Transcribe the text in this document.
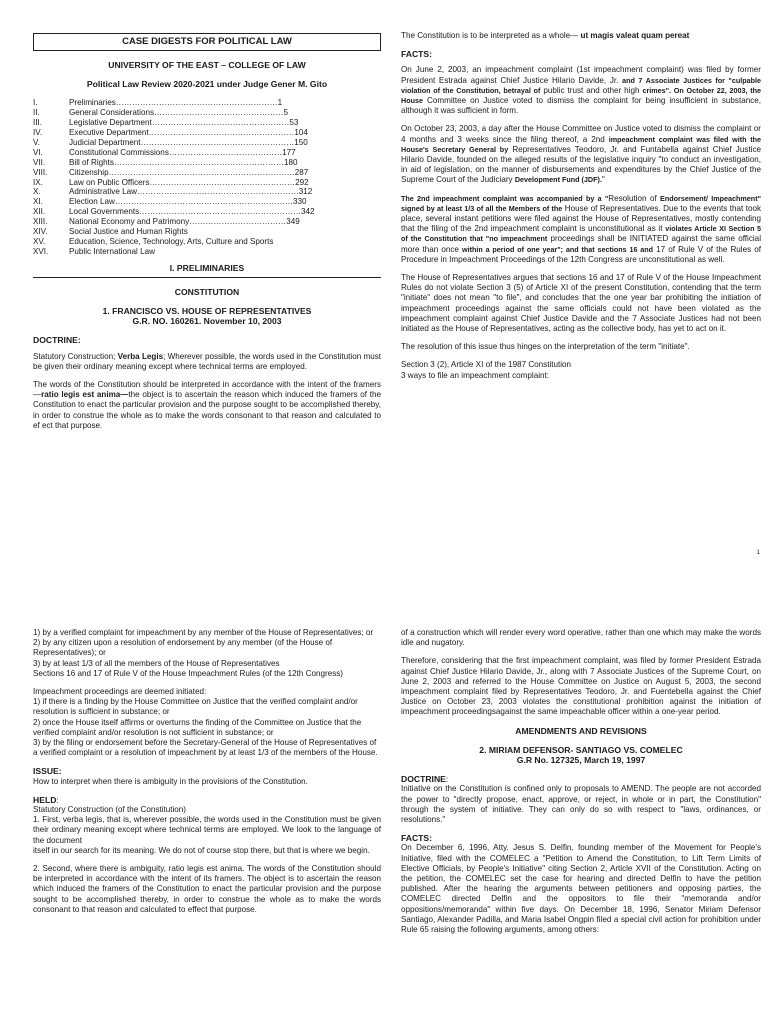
CASE DIGESTS FOR POLITICAL LAW
UNIVERSITY OF THE EAST – COLLEGE OF LAW
Political Law Review 2020-2021 under Judge Gener M. Gito
I.	Preliminaries……………………………………………………1
II.	General Considerations…………………………………………5
III.	Legislative Department……………………………………………53
IV.	Executive Department………………………………………………104
V.	Judicial Department…………………………………………………150
VI.	Constitutional Commissions……………………………………177
VII.	Bill of Rights………………………………………………………180
VIII.	Citizenship……………………………………………………………287
IX.	Law on Public Officers………………………………………………292
X.	Administrative Law……………………………………………………312
XI.	Election Law…………………………………………………………330
XII.	Local Governments……………………………………………………342
XIII.	National Economy and Patrimony………………………………349
XIV.	Social Justice and Human Rights
XV.	Education, Science, Technology, Arts, Culture and Sports
XVI.	Public International Law
I. PRELIMINARIES
CONSTITUTION
1. FRANCISCO VS. HOUSE OF REPRESENTATIVES
G.R. NO. 160261. November 10, 2003
DOCTRINE:

Statutory Construction; Verba Legis; Wherever possible, the words used in the Constitution must be given their ordinary meaning except where technical terms are employed.

The words of the Constitution should be interpreted in accordance with the intent of the framers—ratio legis est anima—the object is to ascertain the reason which induced the framers of the Constitution to enact the particular provision and the purpose sought to be accomplished thereby, in order to construe the whole as to make the words consonant to that reason and calculated to ef ect that purpose.

The Constitution is to be interpreted as a whole— ut magis valeat quam pereat

FACTS:

On June 2, 2003, an impeachment complaint (1st impeachment complaint) was filed by former President Estrada against Chief Justice Hilario Davide, Jr. and 7 Associate Justices for "culpable violation of the Constitution, betrayal of public trust and other high crimes". On October 22, 2003, the House Committee on Justice voted to dismiss the complaint for being insufficient in substance, although it was sufficient in form.

On October 23, 2003, a day after the House Committee on Justice voted to dismiss the complaint or 4 months and 3 weeks since the filing thereof, a 2nd impeachment complaint was filed with the House's Secretary General by Representatives Teodoro, Jr. and Funtabella against Chief Justice Hilario Davide, founded on the alleged results of the legislative inquiry "to conduct an investigation, in aid of legislation, on the manner of disbursements and expenditures by the Chief Justice of the Supreme Court of the Judiciary Development Fund (JDF)."

The 2nd impeachment complaint was accompanied by a "Resolution of Endorsement/ Impeachment" signed by at least 1/3 of all the Members of the House of Representatives. Due to the events that took place, several instant petitions were filed against the House of Representatives, mostly contending that the filing of the 2nd impeachment complaint is unconstitutional as it violates Article XI Section 5 of the Constitution that "no impeachment proceedings shall be INITIATED against the same official more than once within a period of one year"; and that sections 16 and 17 of Rule V of the Rules of Procedure in Impeachment Proceedings of the 12th Congress are unconstitutional as well.

The House of Representatives argues that sections 16 and 17 of Rule V of the House Impeachment Rules do not violate Section 3 (5) of Article XI of the present Constitution, contending that the term "initiate" does not mean "to file", and concludes that the one year bar prohibiting the initiation of impeachment proceedings against the same officials could not have been violated as the impeachment complaint against Chief Justice Davide and the 7 Associate Justices had not been initiated as the House of Representatives, acting as the collective body, has yet to act on it.

The resolution of this issue thus hinges on the interpretation of the term "initiate".

Section 3 (2), Article XI of the 1987 Constitution
3 ways to file an impeachment complaint:
1
1) by a verified complaint for impeachment by any member of the House of Representatives; or
2) by any citizen upon a resolution of endorsement by any member (of the House of Representatives); or
3) by at least 1/3 of all the members of the House of Representatives
Sections 16 and 17 of Rule V of the House Impeachment Rules (of the 12th Congress)
Impeachment proceedings are deemed initiated:
1) if there is a finding by the House Committee on Justice that the verified complaint and/or resolution is sufficient in substance; or
2) once the House itself affirms or overturns the finding of the Committee on Justice that the verified complaint and/or resolution is not sufficient in substance; or
3) by the filing or endorsement before the Secretary-General of the House of Representatives of a verified complaint or a resolution of impeachment by at least 1/3 of the members of the House.
ISSUE:

How to interpret when there is ambiguity in the provisions of the Constitution.

HELD:
Statutory Construction (of the Constitution)

1. First, verba legis, that is, wherever possible, the words used in the Constitution must be given their ordinary meaning except where technical terms are employed. We look to the language of the document

itself in our search for its meaning. We do not of course stop there, but that is where we begin.

2. Second, where there is ambiguity, ratio legis est anima. The words of the Constitution should be interpreted in accordance with the intent of its framers. The object is to ascertain the reason which induced the framers of the Constitution to enact the particular provision and the purpose sought to be accomplished thereby, in order to construe the whole as to make the words consonant to that reason and calculated to effect that purpose.

of a construction which will render every word operative, rather than one which may make the words idle and nugatory.

Therefore, considering that the first impeachment complaint, was filed by former President Estrada against Chief Justice Hilario Davide, Jr., along with 7 Associate Justices of the Supreme Court, on June 2, 2003 and referred to the House Committee on Justice on August 5, 2003, the second impeachment complaint filed by Representatives Teodoro, Jr. and Fuentebella against the Chief Justice on October 23, 2003 violates the constitutional prohibition against the initiation of impeachment proceedingsagainst the same impeachable officer within a one-year period.

AMENDMENTS AND REVISIONS
2. MIRIAM DEFENSOR- SANTIAGO VS. COMELEC
G.R No. 127325, March 19, 1997
DOCTRINE:

Initiative on the Constitution is confined only to proposals to AMEND. The people are not accorded the power to "directly propose, enact, approve, or reject, in whole or in part, the Constitution" through the system of initiative. They can only do so with respect to "laws, ordinances, or resolutions."

FACTS:

On December 6, 1996, Atty. Jesus S. Delfin, founding member of the Movement for People's Initiative, filed with the COMELEC a "Petition to Amend the Constitution, to Lift Term Limits of Elective Officials, by People's Initiative" citing Section 2, Article XVII of the Constitution. Acting on the petition, the COMELEC set the case for hearing and directed Delfin to have the petition published. After the hearing the arguments between petitioners and opposing parties, the COMELEC directed Delfin and the oppositors to file their "memoranda and/or oppositions/memoranda" within five days. On December 18, 1996, Senator Miriam Defensor Santiago, Alexander Padilla, and Maria Isabel Ongpin filed a special civil action for prohibition under Rule 65 raising the following arguments, among others:
